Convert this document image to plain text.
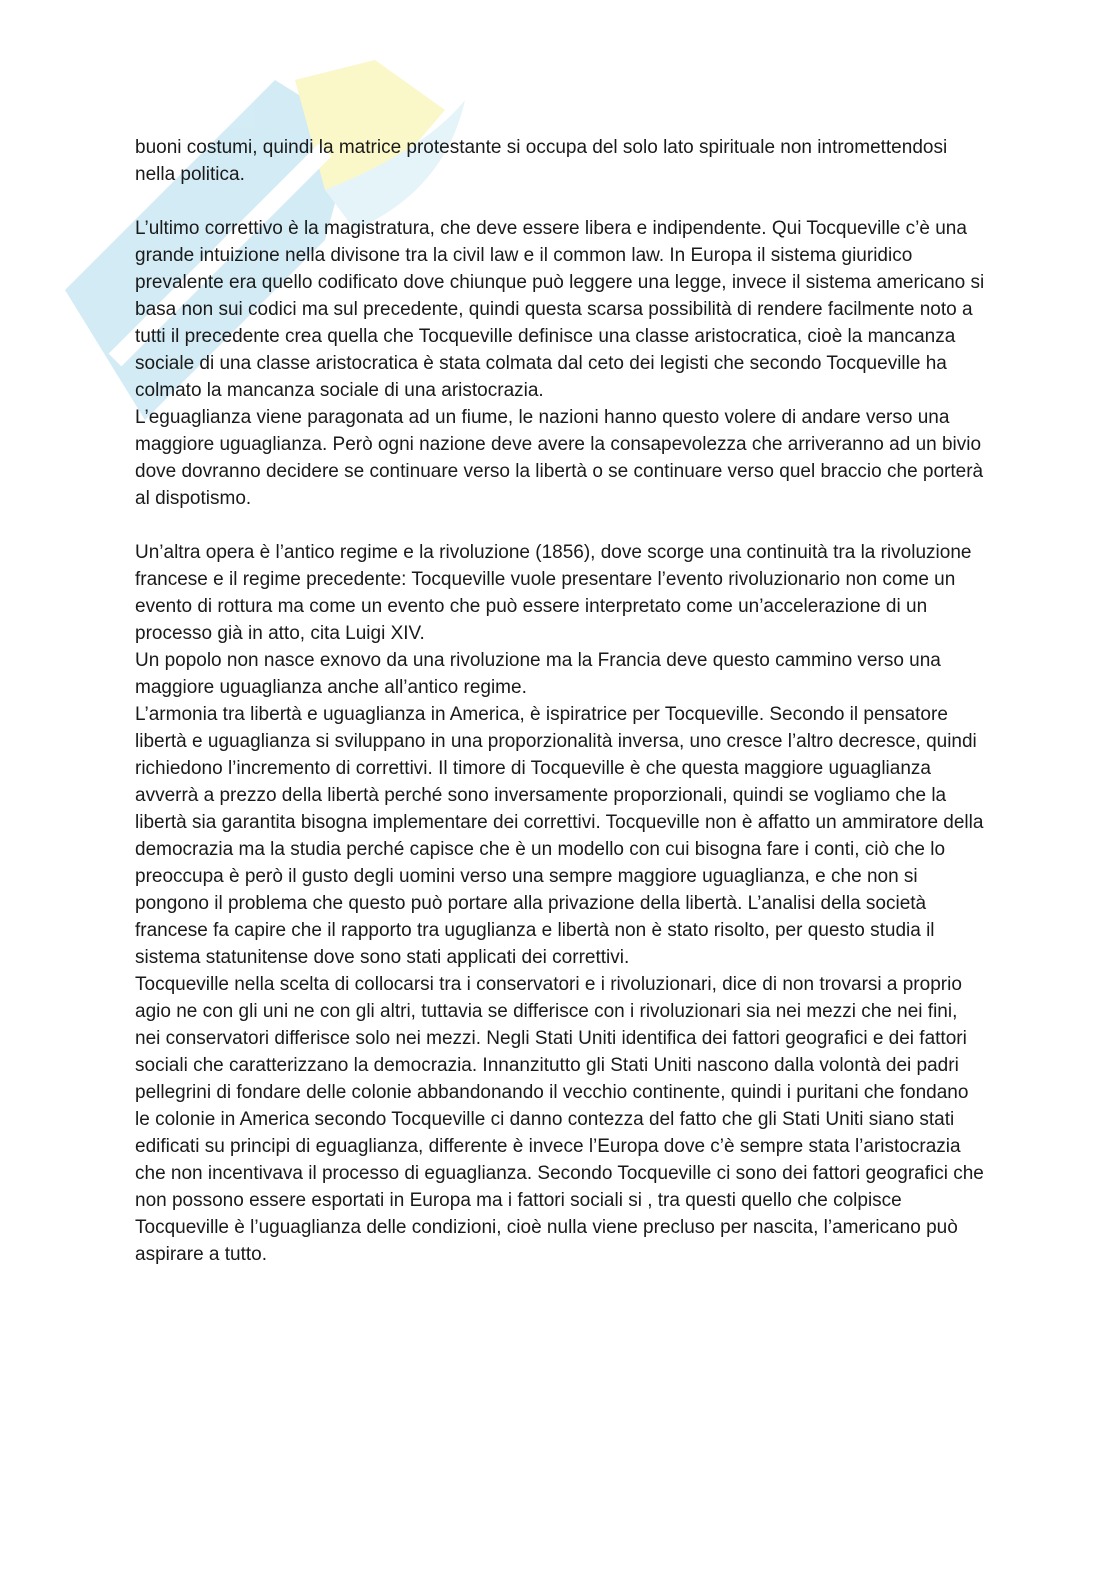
buoni costumi, quindi la matrice protestante si occupa del solo lato spirituale non intromettendosi nella politica.

L’ultimo correttivo è la magistratura, che deve essere libera e indipendente. Qui Tocqueville c’è una grande intuizione nella divisone tra la civil law e il common law. In Europa il sistema giuridico prevalente era quello codificato dove chiunque può leggere una legge, invece il sistema americano si basa non sui codici ma sul precedente, quindi questa scarsa possibilità di rendere facilmente noto a tutti il precedente crea quella che Tocqueville definisce una classe aristocratica, cioè la mancanza sociale di una classe aristocratica è stata colmata dal ceto dei legisti che secondo Tocqueville ha colmato la mancanza sociale di una aristocrazia.

L’eguaglianza viene paragonata ad un fiume, le nazioni hanno questo volere di andare verso una maggiore uguaglianza. Però ogni nazione deve avere la consapevolezza che arriveranno ad un bivio dove dovranno decidere se continuare verso la libertà o se continuare verso quel braccio che porterà al dispotismo.

Un’altra opera è l’antico regime e la rivoluzione (1856), dove scorge una continuità tra la rivoluzione francese e il regime precedente: Tocqueville vuole presentare l’evento rivoluzionario non come un evento di rottura ma come un evento che può essere interpretato come un’accelerazione di un processo già in atto, cita Luigi XIV.

Un popolo non nasce exnovo da una rivoluzione ma la Francia deve questo cammino verso una maggiore uguaglianza anche all’antico regime.

L’armonia tra libertà e uguaglianza in America, è ispiratrice per Tocqueville. Secondo il pensatore libertà e uguaglianza si sviluppano in una proporzionalità inversa, uno cresce l’altro decresce, quindi richiedono l’incremento di correttivi. Il timore di Tocqueville è che questa maggiore uguaglianza avverrà a prezzo della libertà perché sono inversamente proporzionali, quindi se vogliamo che la libertà sia garantita bisogna implementare dei correttivi. Tocqueville non è affatto un ammiratore della democrazia ma la studia perché capisce che è un modello con cui bisogna fare i conti, ciò che lo preoccupa è però il gusto degli uomini verso una sempre maggiore uguaglianza, e che non si pongono il problema che questo può portare alla privazione della libertà. L’analisi della società francese fa capire che il rapporto tra uguglianza e libertà non è stato risolto, per questo studia il sistema statunitense dove sono stati applicati dei correttivi.

Tocqueville nella scelta di collocarsi tra i conservatori e i rivoluzionari, dice di non trovarsi a proprio agio ne con gli uni ne con gli altri, tuttavia se differisce con i rivoluzionari sia nei mezzi che nei fini, nei conservatori differisce solo nei mezzi. Negli Stati Uniti identifica dei fattori geografici e dei fattori sociali che caratterizzano la democrazia. Innanzitutto gli Stati Uniti nascono dalla volontà dei padri pellegrini di fondare delle colonie abbandonando il vecchio continente, quindi i puritani che fondano le colonie in America secondo Tocqueville ci danno contezza del fatto che gli Stati Uniti siano stati edificati su principi di eguaglianza, differente è invece l’Europa dove c’è sempre stata l’aristocrazia che non incentivava il processo di eguaglianza. Secondo Tocqueville ci sono dei fattori geografici che non possono essere esportati in Europa ma i fattori sociali si , tra questi quello che colpisce Tocqueville è l’uguaglianza delle condizioni, cioè nulla viene precluso per nascita, l’americano può aspirare a tutto.
